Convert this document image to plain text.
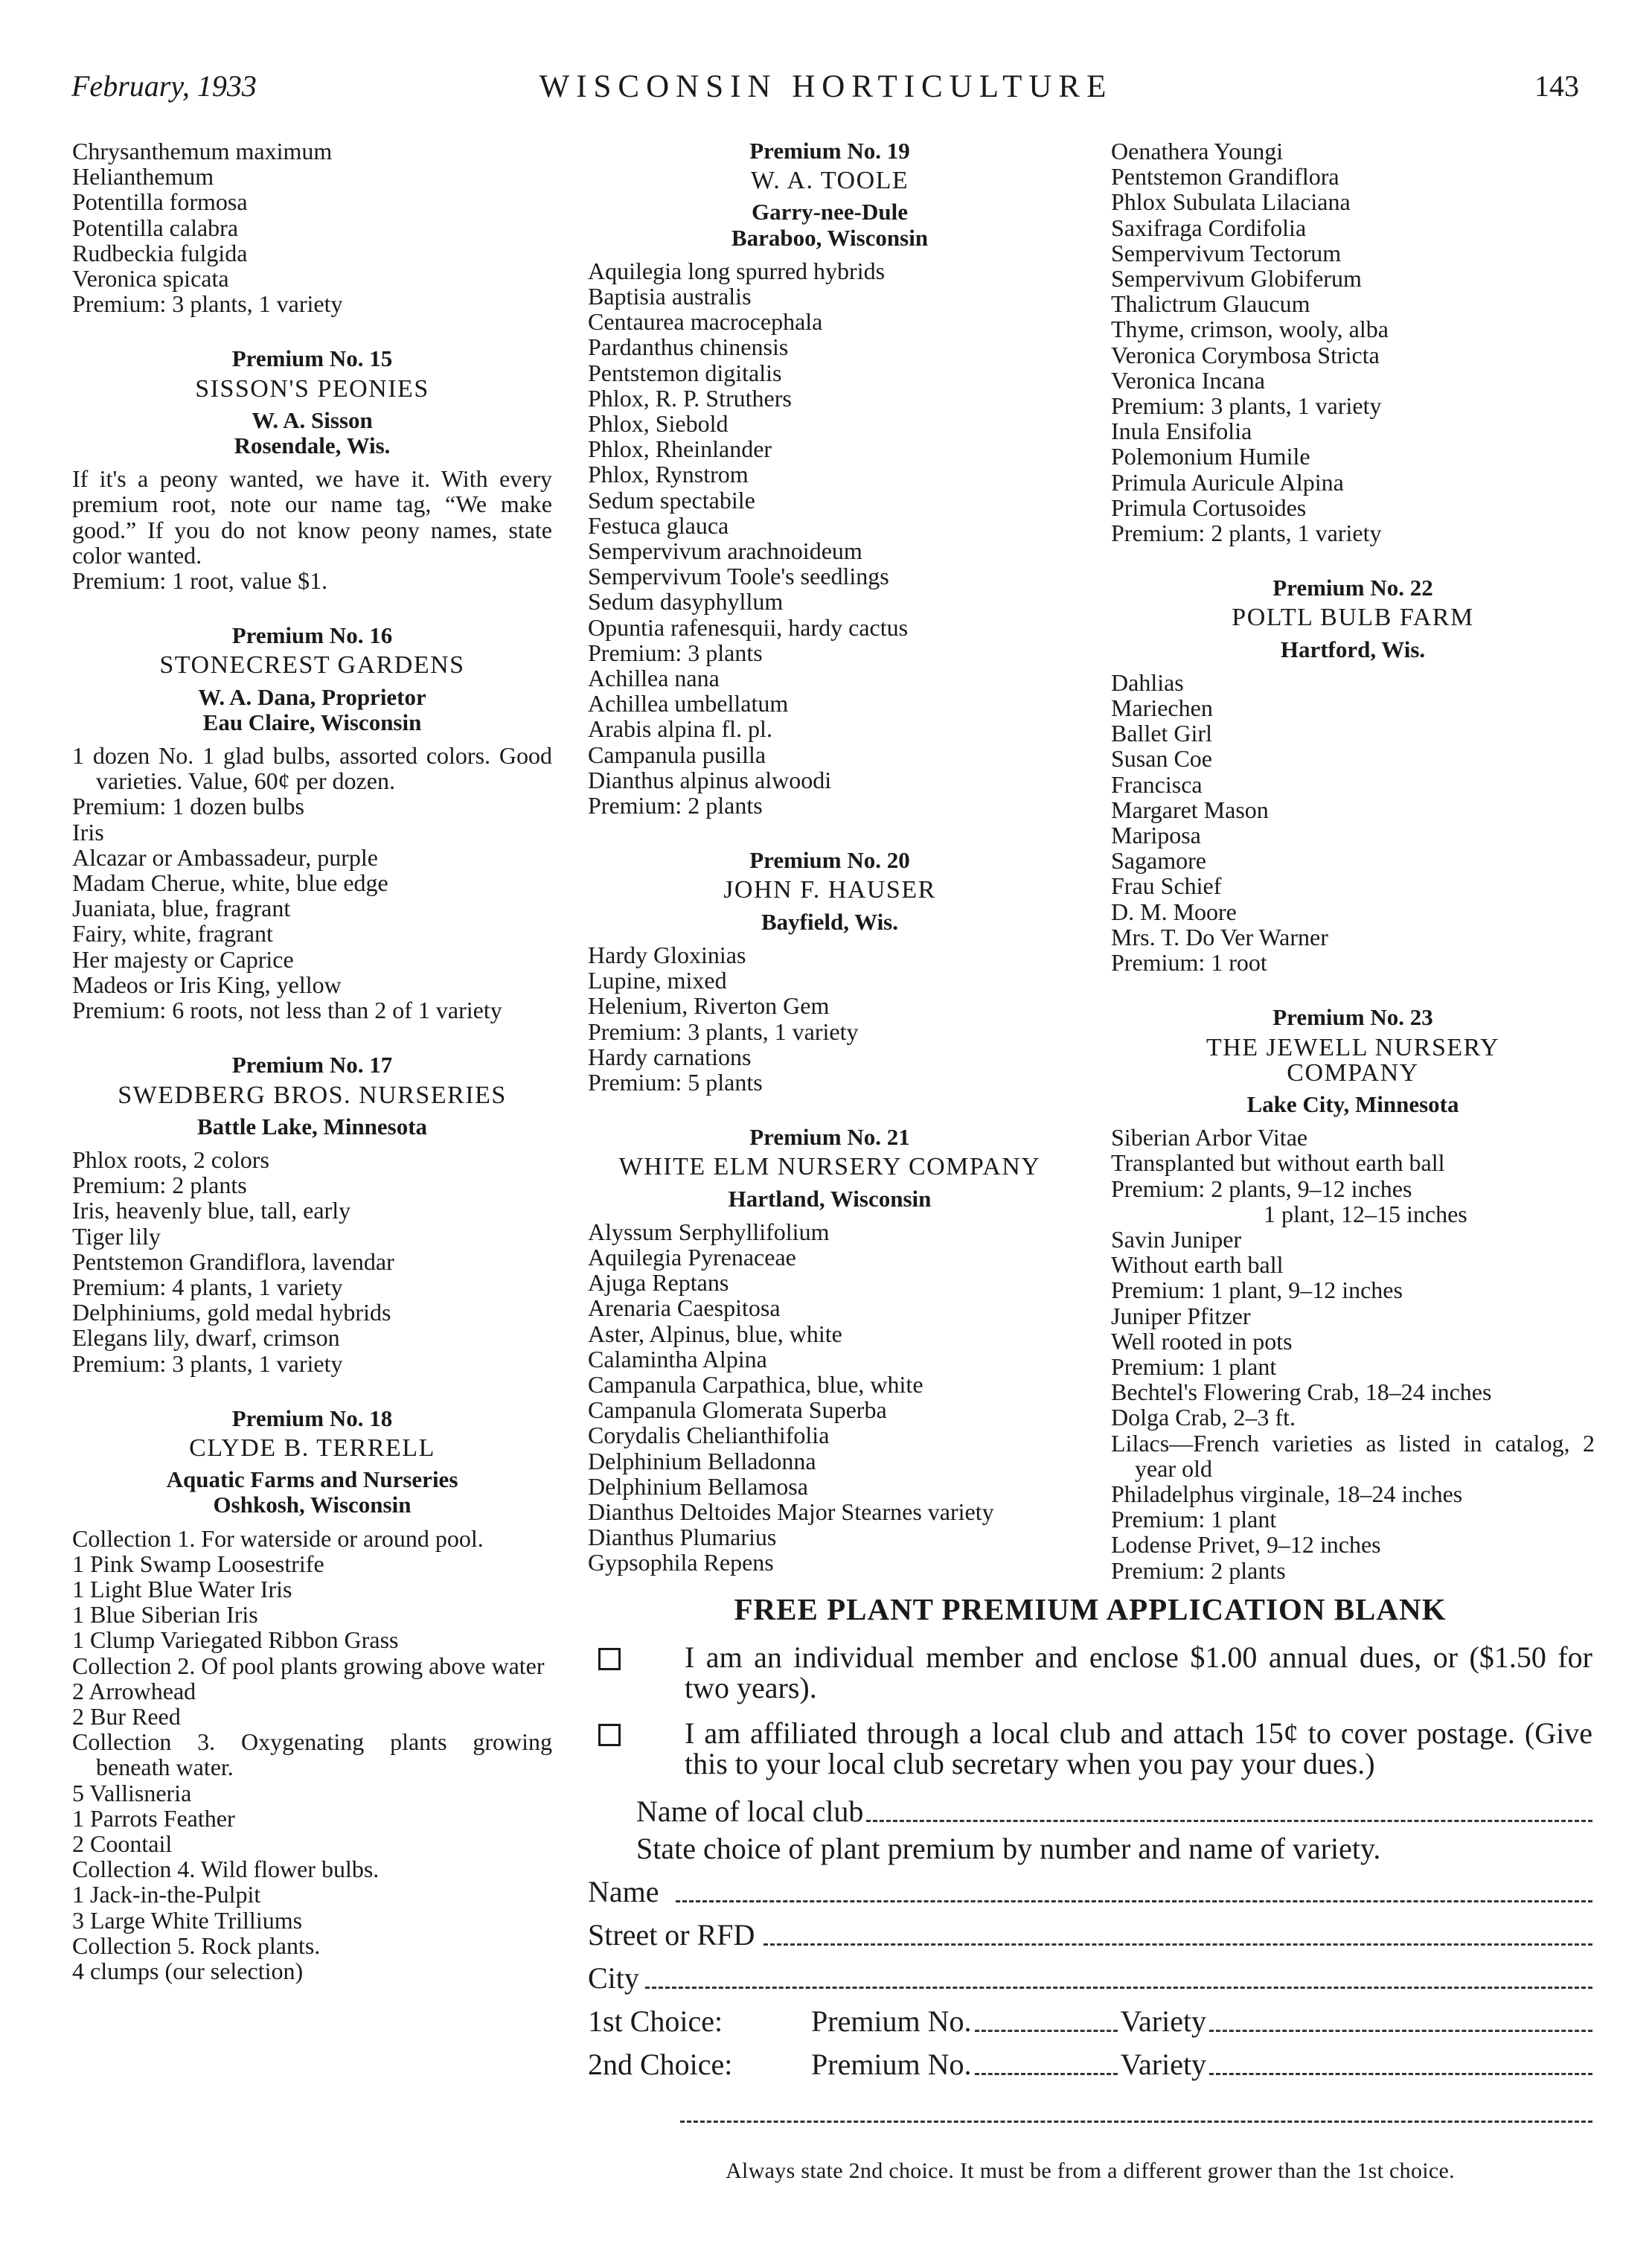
February, 1933	WISCONSIN HORTICULTURE	143
Chrysanthemum maximum
Helianthemum
Potentilla formosa
Potentilla calabra
Rudbeckia fulgida
Veronica spicata
Premium: 3 plants, 1 variety
Premium No. 15
SISSON'S PEONIES
W. A. Sisson
Rosendale, Wis.
If it's a peony wanted, we have it. With every premium root, note our name tag, “We make good.” If you do not know peony names, state color wanted.
Premium: 1 root, value $1.
Premium No. 16
STONECREST GARDENS
W. A. Dana, Proprietor
Eau Claire, Wisconsin
1 dozen No. 1 glad bulbs, assorted colors. Good varieties. Value, 60¢ per dozen.
Premium: 1 dozen bulbs
Iris
Alcazar or Ambassadeur, purple
Madam Cherue, white, blue edge
Juaniata, blue, fragrant
Fairy, white, fragrant
Her majesty or Caprice
Madeos or Iris King, yellow
Premium: 6 roots, not less than 2 of 1 variety
Premium No. 17
SWEDBERG BROS. NURSERIES
Battle Lake, Minnesota
Phlox roots, 2 colors
Premium: 2 plants
Iris, heavenly blue, tall, early
Tiger lily
Pentstemon Grandiflora, lavendar
Premium: 4 plants, 1 variety
Delphiniums, gold medal hybrids
Elegans lily, dwarf, crimson
Premium: 3 plants, 1 variety
Premium No. 18
CLYDE B. TERRELL
Aquatic Farms and Nurseries
Oshkosh, Wisconsin
Collection 1. For waterside or around pool.
1 Pink Swamp Loosestrife
1 Light Blue Water Iris
1 Blue Siberian Iris
1 Clump Variegated Ribbon Grass
Collection 2. Of pool plants growing above water
2 Arrowhead
2 Bur Reed
Collection 3. Oxygenating plants growing beneath water.
5 Vallisneria
1 Parrots Feather
2 Coontail
Collection 4. Wild flower bulbs.
1 Jack-in-the-Pulpit
3 Large White Trilliums
Collection 5. Rock plants.
4 clumps (our selection)
Premium No. 19
W. A. TOOLE
Garry-nee-Dule
Baraboo, Wisconsin
Aquilegia long spurred hybrids
Baptisia australis
Centaurea macrocephala
Pardanthus chinensis
Pentstemon digitalis
Phlox, R. P. Struthers
Phlox, Siebold
Phlox, Rheinlander
Phlox, Rynstrom
Sedum spectabile
Festuca glauca
Sempervivum arachnoideum
Sempervivum Toole's seedlings
Sedum dasyphyllum
Opuntia rafenesquii, hardy cactus
Premium: 3 plants
Achillea nana
Achillea umbellatum
Arabis alpina fl. pl.
Campanula pusilla
Dianthus alpinus alwoodi
Premium: 2 plants
Premium No. 20
JOHN F. HAUSER
Bayfield, Wis.
Hardy Gloxinias
Lupine, mixed
Helenium, Riverton Gem
Premium: 3 plants, 1 variety
Hardy carnations
Premium: 5 plants
Premium No. 21
WHITE ELM NURSERY COMPANY
Hartland, Wisconsin
Alyssum Serphyllifolium
Aquilegia Pyrenaceae
Ajuga Reptans
Arenaria Caespitosa
Aster, Alpinus, blue, white
Calamintha Alpina
Campanula Carpathica, blue, white
Campanula Glomerata Superba
Corydalis Chelianthifolia
Delphinium Belladonna
Delphinium Bellamosa
Dianthus Deltoides Major Stearnes variety
Dianthus Plumarius
Gypsophila Repens
Oenathera Youngi
Pentstemon Grandiflora
Phlox Subulata Lilaciana
Saxifraga Cordifolia
Sempervivum Tectorum
Sempervivum Globiferum
Thalictrum Glaucum
Thyme, crimson, wooly, alba
Veronica Corymbosa Stricta
Veronica Incana
Premium: 3 plants, 1 variety
Inula Ensifolia
Polemonium Humile
Primula Auricule Alpina
Primula Cortusoides
Premium: 2 plants, 1 variety
Premium No. 22
POLTL BULB FARM
Hartford, Wis.
Dahlias
Mariechen
Ballet Girl
Susan Coe
Francisca
Margaret Mason
Mariposa
Sagamore
Frau Schief
D. M. Moore
Mrs. T. Do Ver Warner
Premium: 1 root
Premium No. 23
THE JEWELL NURSERY
COMPANY
Lake City, Minnesota
Siberian Arbor Vitae
Transplanted but without earth ball
Premium: 2 plants, 9–12 inches
1 plant, 12–15 inches
Savin Juniper
Without earth ball
Premium: 1 plant, 9–12 inches
Juniper Pfitzer
Well rooted in pots
Premium: 1 plant
Bechtel's Flowering Crab, 18–24 inches
Dolga Crab, 2–3 ft.
Lilacs—French varieties as listed in catalog, 2 year old
Philadelphus virginale, 18–24 inches
Premium: 1 plant
Lodense Privet, 9–12 inches
Premium: 2 plants
FREE PLANT PREMIUM APPLICATION BLANK
I am an individual member and enclose $1.00 annual dues, or ($1.50 for two years).
I am affiliated through a local club and attach 15¢ to cover postage. (Give this to your local club secretary when you pay your dues.)
Name of local club
State choice of plant premium by number and name of variety.
Name
Street or RFD
City
1st Choice:	Premium No.	Variety
2nd Choice:	Premium No.	Variety
Always state 2nd choice. It must be from a different grower than the 1st choice.
